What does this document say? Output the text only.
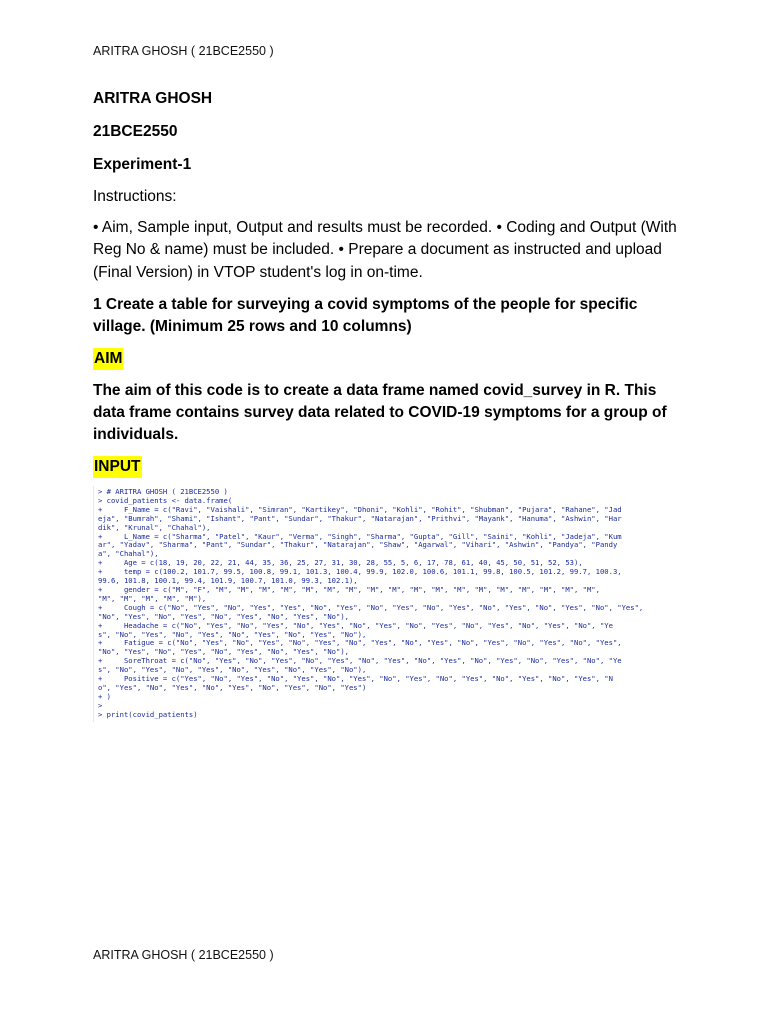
ARITRA GHOSH ( 21BCE2550 )

ARITRA GHOSH

21BCE2550

Experiment-1

Instructions:

• Aim, Sample input, Output and results must be recorded. • Coding and Output (With Reg No & name) must be included. • Prepare a document as instructed and upload (Final Version) in VTOP student's log in on-time.

1 Create a table for surveying a covid symptoms of the people for specific village. (Minimum 25 rows and 10 columns)

AIM

The aim of this code is to create a data frame named covid_survey in R. This data frame contains survey data related to COVID-19 symptoms for a group of individuals.

INPUT

> # ARITRA GHOSH ( 21BCE2550 )
> covid_patients <- data.frame(
+     F_Name = c("Ravi", "Vaishali", "Simran", "Kartikey", "Dhoni", "Kohli", "Rohit", "Shubman", "Pujara", "Rahane", "Jad
eja", "Bumrah", "Shami", "Ishant", "Pant", "Sundar", "Thakur", "Natarajan", "Prithvi", "Mayank", "Hanuma", "Ashwin", "Har
dik", "Krunal", "Chahal"),
+     L_Name = c("Sharma", "Patel", "Kaur", "Verma", "Singh", "Sharma", "Gupta", "Gill", "Saini", "Kohli", "Jadeja", "Kum
ar", "Yadav", "Sharma", "Pant", "Sundar", "Thakur", "Natarajan", "Shaw", "Agarwal", "Vihari", "Ashwin", "Pandya", "Pandy
a", "Chahal"),
+     Age = c(18, 19, 20, 22, 21, 44, 35, 36, 25, 27, 31, 30, 28, 55, 5, 6, 17, 78, 61, 40, 45, 50, 51, 52, 53),
+     temp = c(100.2, 101.7, 99.5, 100.8, 99.1, 101.3, 100.4, 99.9, 102.0, 100.6, 101.1, 99.8, 100.5, 101.2, 99.7, 100.3,
99.6, 101.8, 100.1, 99.4, 101.9, 100.7, 101.0, 99.3, 102.1),
+     gender = c("M", "F", "M", "M", "M", "M", "M", "M", "M", "M", "M", "M", "M", "M", "M", "M", "M", "M", "M", "M",
"M", "M", "M", "M", "M"),
+     Cough = c("No", "Yes", "No", "Yes", "Yes", "No", "Yes", "No", "Yes", "No", "Yes", "No", "Yes", "No", "Yes", "No", "Yes",
"No", "Yes", "No", "Yes", "No", "Yes", "No", "Yes", "No"),
+     Headache = c("No", "Yes", "No", "Yes", "No", "Yes", "No", "Yes", "No", "Yes", "No", "Yes", "No", "Yes", "No", "Ye
s", "No", "Yes", "No", "Yes", "No", "Yes", "No", "Yes", "No"),
+     Fatigue = c("No", "Yes", "No", "Yes", "No", "Yes", "No", "Yes", "No", "Yes", "No", "Yes", "No", "Yes", "No", "Yes",
"No", "Yes", "No", "Yes", "No", "Yes", "No", "Yes", "No"),
+     SoreThroat = c("No", "Yes", "No", "Yes", "No", "Yes", "No", "Yes", "No", "Yes", "No", "Yes", "No", "Yes", "No", "Ye
s", "No", "Yes", "No", "Yes", "No", "Yes", "No", "Yes", "No"),
+     Positive = c("Yes", "No", "Yes", "No", "Yes", "No", "Yes", "No", "Yes", "No", "Yes", "No", "Yes", "No", "Yes", "N
o", "Yes", "No", "Yes", "No", "Yes", "No", "Yes", "No", "Yes")
+ )
>
> print(covid_patients)
ARITRA GHOSH ( 21BCE2550 )
